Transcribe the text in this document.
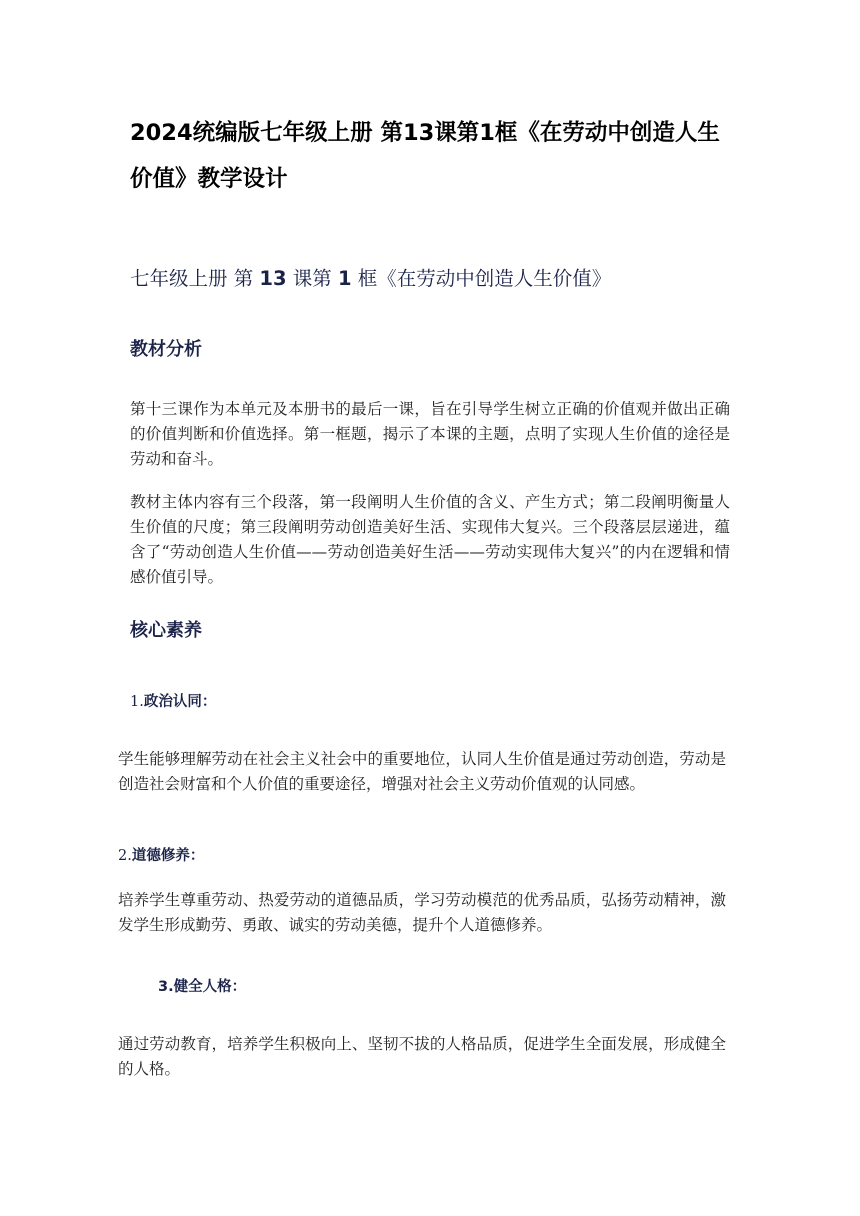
2024统编版七年级上册 第13课第1框《在劳动中创造人生价值》教学设计
七年级上册 第 13 课第 1 框《在劳动中创造人生价值》
教材分析

第十三课作为本单元及本册书的最后一课，旨在引导学生树立正确的价值观并做出正确的价值判断和价值选择。第一框题，揭示了本课的主题，点明了实现人生价值的途径是劳动和奋斗。

教材主体内容有三个段落，第一段阐明人生价值的含义、产生方式；第二段阐明衡量人生价值的尺度；第三段阐明劳动创造美好生活、实现伟大复兴。三个段落层层递进，蕴含了“劳动创造人生价值——劳动创造美好生活——劳动实现伟大复兴”的内在逻辑和情感价值引导。

核心素养
1.政治认同：

学生能够理解劳动在社会主义社会中的重要地位，认同人生价值是通过劳动创造，劳动是创造社会财富和个人价值的重要途径，增强对社会主义劳动价值观的认同感。

2.道德修养：

培养学生尊重劳动、热爱劳动的道德品质，学习劳动模范的优秀品质，弘扬劳动精神，激发学生形成勤劳、勇敢、诚实的劳动美德，提升个人道德修养。

3.健全人格：

通过劳动教育，培养学生积极向上、坚韧不拔的人格品质，促进学生全面发展，形成健全的人格。
